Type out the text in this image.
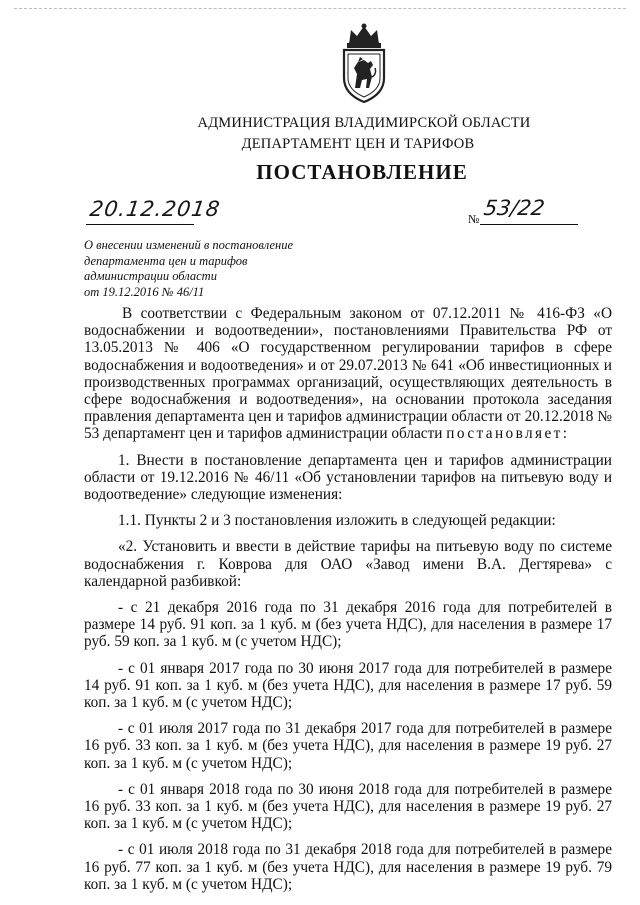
АДМИНИСТРАЦИЯ ВЛАДИМИРСКОЙ ОБЛАСТИ
ДЕПАРТАМЕНТ ЦЕН И ТАРИФОВ
ПОСТАНОВЛЕНИЕ
20.12.2018	№ 53/22
О внесении изменений в постановление
департамента цен и тарифов
администрации области
от 19.12.2016 № 46/11

В соответствии с Федеральным законом от 07.12.2011 № 416-ФЗ «О водоснабжении и водоотведении», постановлениями Правительства РФ от 13.05.2013 № 406 «О государственном регулировании тарифов в сфере водоснабжения и водоотведения» и от 29.07.2013 № 641 «Об инвестиционных и производственных программах организаций, осуществляющих деятельность в сфере водоснабжения и водоотведения», на основании протокола заседания правления департамента цен и тарифов администрации области от 20.12.2018 № 53 департамент цен и тарифов администрации области постановляет:

1. Внести в постановление департамента цен и тарифов администрации области от 19.12.2016 № 46/11 «Об установлении тарифов на питьевую воду и водоотведение» следующие изменения:

1.1. Пункты 2 и 3 постановления изложить в следующей редакции:

«2. Установить и ввести в действие тарифы на питьевую воду по системе водоснабжения г. Коврова для ОАО «Завод имени В.А. Дегтярева» с календарной разбивкой:

- с 21 декабря 2016 года по 31 декабря 2016 года для потребителей в размере 14 руб. 91 коп. за 1 куб. м (без учета НДС), для населения в размере 17 руб. 59 коп. за 1 куб. м (с учетом НДС);

- с 01 января 2017 года по 30 июня 2017 года для потребителей в размере 14 руб. 91 коп. за 1 куб. м (без учета НДС), для населения в размере 17 руб. 59 коп. за 1 куб. м (с учетом НДС);

- с 01 июля 2017 года по 31 декабря 2017 года для потребителей в размере 16 руб. 33 коп. за 1 куб. м (без учета НДС), для населения в размере 19 руб. 27 коп. за 1 куб. м (с учетом НДС);

- с 01 января 2018 года по 30 июня 2018 года для потребителей в размере 16 руб. 33 коп. за 1 куб. м (без учета НДС), для населения в размере 19 руб. 27 коп. за 1 куб. м (с учетом НДС);

- с 01 июля 2018 года по 31 декабря 2018 года для потребителей в размере 16 руб. 77 коп. за 1 куб. м (без учета НДС), для населения в размере 19 руб. 79 коп. за 1 куб. м (с учетом НДС);
